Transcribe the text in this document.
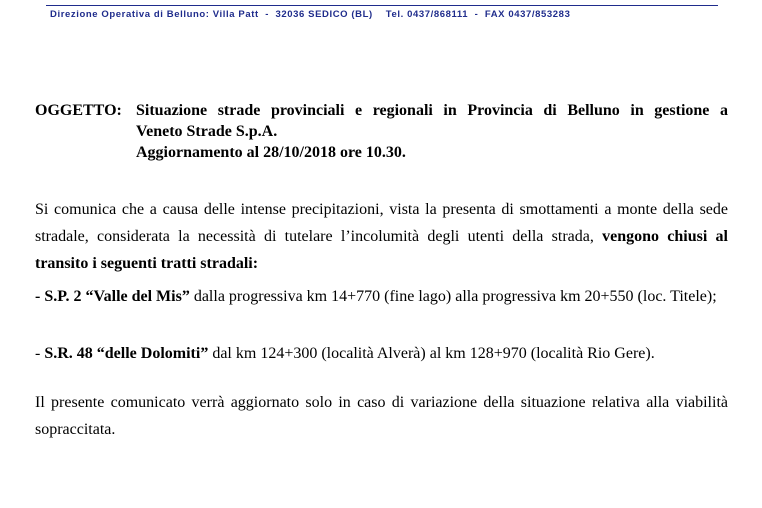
Direzione Operativa di Belluno: Villa Patt - 32036 SEDICO (BL) Tel. 0437/868111 - FAX 0437/853283
OGGETTO: Situazione strade provinciali e regionali in Provincia di Belluno in gestione a
Veneto Strade S.p.A.
Aggiornamento al 28/10/2018 ore 10.30.
Si comunica che a causa delle intense precipitazioni, vista la presenta di smottamenti a monte della sede stradale, considerata la necessità di tutelare l’incolumità degli utenti della strada, vengono chiusi al transito i seguenti tratti stradali:
- S.P. 2 “Valle del Mis” dalla progressiva km 14+770 (fine lago) alla progressiva km 20+550 (loc. Titele);
- S.R. 48 “delle Dolomiti” dal km 124+300 (località Alverà) al km 128+970 (località Rio Gere).
Il presente comunicato verrà aggiornato solo in caso di variazione della situazione relativa alla viabilità sopraccitata.
